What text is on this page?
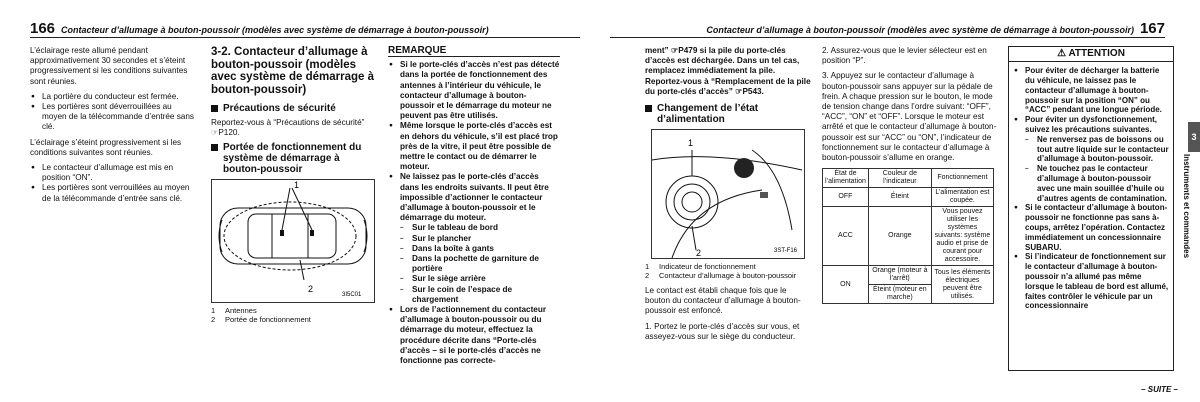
166 Contacteur d’allumage à bouton-poussoir (modèles avec système de démarrage à bouton-poussoir)

L’éclairage reste allumé pendant approximativement 30 secondes et s’éteint progressivement si les conditions suivantes sont réunies.

● La portière du conducteur est fermée.
● Les portières sont déverrouillées au moyen de la télécommande d’entrée sans clé.

L’éclairage s’éteint progressivement si les conditions suivantes sont réunies.

● Le contacteur d’allumage est mis en position “ON”.
● Les portières sont verrouillées au moyen de la télécommande d’entrée sans clé.
3-2. Contacteur d’allumage à bouton-poussoir (modèles avec système de démarrage à bouton-poussoir)
Précautions de sécurité

Reportez-vous à “Précautions de sécurité”
☞P120.

Portée de fonctionnement du système de démarrage à bouton-poussoir
1
2
3I5C01
1 Antennes
2 Portée de fonctionnement
REMARQUE
● Si le porte-clés d’accès n’est pas détecté dans la portée de fonctionnement des antennes à l’intérieur du véhicule, le contacteur d’allumage à bouton-poussoir et le démarrage du moteur ne peuvent pas être utilisés.
● Même lorsque le porte-clés d’accès est en dehors du véhicule, s’il est placé trop près de la vitre, il peut être possible de mettre le contact ou de démarrer le moteur.
● Ne laissez pas le porte-clés d’accès dans les endroits suivants. Il peut être impossible d’actionner le contacteur d’allumage à bouton-poussoir et le démarrage du moteur.
– Sur le tableau de bord
– Sur le plancher
– Dans la boîte à gants
– Dans la pochette de garniture de portière
– Sur le siège arrière
– Sur le coin de l’espace de chargement
● Lors de l’actionnement du contacteur d’allumage à bouton-poussoir ou du démarrage du moteur, effectuez la procédure décrite dans “Porte-clés d’accès – si le porte-clés d’accès ne fonctionne pas correcte-
Contacteur d’allumage à bouton-poussoir (modèles avec système de démarrage à bouton-poussoir) 167

ment” ☞P479 si la pile du porte-clés d’accès est déchargée. Dans un tel cas, remplacez immédiatement la pile. Reportez-vous à “Remplacement de la pile du porte-clés d’accès” ☞P543.

Changement de l’état d’alimentation
1
2	3ST-F16
1 Indicateur de fonctionnement
2 Contacteur d’allumage à bouton-poussoir

Le contact est établi chaque fois que le bouton du contacteur d’allumage à bouton-poussoir est enfoncé.

1. Portez le porte-clés d’accès sur vous, et asseyez-vous sur le siège du conducteur.

2. Assurez-vous que le levier sélecteur est en position “P”.

3. Appuyez sur le contacteur d’allumage à bouton-poussoir sans appuyer sur la pédale de frein. A chaque pression sur le bouton, le mode de tension change dans l’ordre suivant: “OFF”, “ACC”, “ON” et “OFF”. Lorsque le moteur est arrêté et que le contacteur d’allumage à bouton-poussoir est sur “ACC” ou “ON”, l’indicateur de fonctionnement sur le contacteur d’allumage à bouton-poussoir s’allume en orange.

État de l’alimentation	Couleur de l’indicateur	Fonctionnement
OFF	Éteint	L’alimentation est coupée.
ACC	Orange	Vous pouvez utiliser les systèmes suivants: système audio et prise de courant pour accessoire.
ON	Orange (moteur à l’arrêt)	Tous les éléments électriques peuvent être utilisés.
	Éteint (moteur en marche)	
⚠ ATTENTION
● Pour éviter de décharger la batterie du véhicule, ne laissez pas le contacteur d’allumage à bouton-poussoir sur la position “ON” ou “ACC” pendant une longue période.
● Pour éviter un dysfonctionnement, suivez les précautions suivantes.
– Ne renversez pas de boissons ou tout autre liquide sur le contacteur d’allumage à bouton-poussoir.
– Ne touchez pas le contacteur d’allumage à bouton-poussoir avec une main souillée d’huile ou d’autres agents de contamination.
● Si le contacteur d’allumage à bouton-poussoir ne fonctionne pas sans à-coups, arrêtez l’opération. Contactez immédiatement un concessionnaire SUBARU.
● Si l’indicateur de fonctionnement sur le contacteur d’allumage à bouton-poussoir n’a allumé pas même lorsque le tableau de bord est allumé, faites contrôler le véhicule par un concessionnaire
3
Instruments et commandes
– SUITE –
